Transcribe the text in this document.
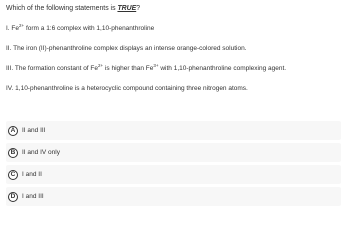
Which of the following statements is TRUE?

I. $Fe^{2+}$ form a 1:6 complex with 1,10-phenanthroline

II. The iron (II)-phenanthroline complex displays an intense orange-colored solution.

III. The formation constant of $Fe^{2+}$ is higher than $Fe^{3+}$ with 1,10-phenanthroline complexing agent.

IV. 1,10-phenanthroline is a heterocyclic compound containing three nitrogen atoms.

A	II and III
B	II and IV only
C	I and II
D	I and III
